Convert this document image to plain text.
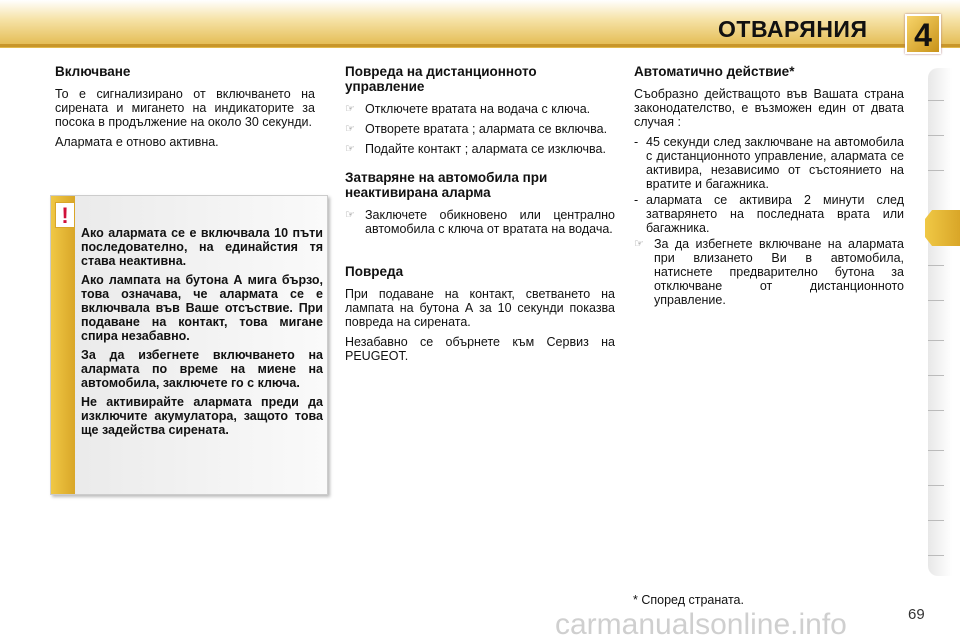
ОТВАРЯНИЯ 4
Включване

То е сигнализирано от включването на сирената и мигането на индикаторите за посока в продължение на около 30 секунди.

Алармата е отново активна.

!

Ако алармата се е включвала 10 пъти последователно, на единайстия тя става неактивна.

Ако лампата на бутона А мига бързо, това означава, че алармата се е включвала във Ваше отсъствие. При подаване на контакт, това мигане спира незабавно.

За да избегнете включването на алармата по време на миене на автомобила, заключете го с ключа.

Не активирайте алармата преди да изключите акумулатора, защото това ще задейства сирената.

Повреда на дистанционното управление
☞ Отключете вратата на водача с ключа.
☞ Отворете вратата ; алармата се включва.
☞ Подайте контакт ; алармата се изключва.
Затваряне на автомобила при неактивирана аларма
☞ Заключете обикновено или централно автомобила с ключа от вратата на водача.
Повреда

При подаване на контакт, светването на лампата на бутона А за 10 секунди показва повреда на сирената.

Незабавно се обърнете към Сервиз на PEUGEOT.

Автоматично действие*

Съобразно действащото във Вашата страна законодателство, е възможен един от двата случая :

- 45 секунди след заключване на автомобила с дистанционното управление, алармата се активира, независимо от състоянието на вратите и багажника.
- алармата се активира 2 минути след затварянето на последната врата или багажника.
☞ За да избегнете включване на алармата при влизането Ви в автомобила, натиснете предварително бутона за отключване от дистанционното управление.
* Според страната.
carmanualsonline.info	69
